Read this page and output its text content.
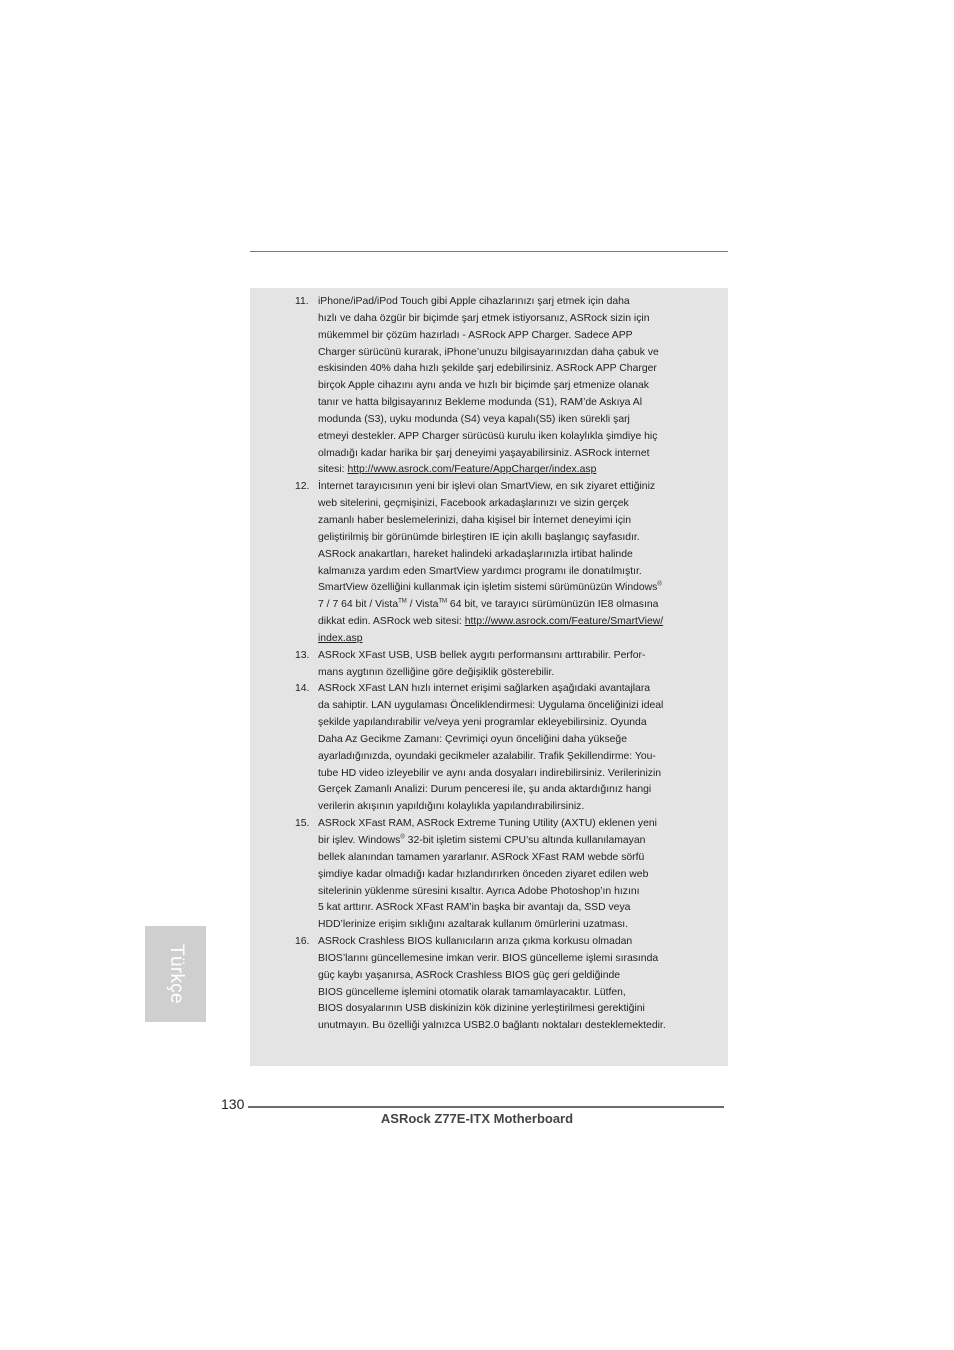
11. iPhone/iPad/iPod Touch gibi Apple cihazlarınızı şarj etmek için daha
hızlı ve daha özgür bir biçimde şarj etmek istiyorsanız, ASRock sizin için
mükemmel bir çözüm hazırladı - ASRock APP Charger. Sadece APP
Charger sürücünü kurarak, iPhone’unuzu bilgisayarınızdan daha çabuk ve
eskisinden 40% daha hızlı şekilde şarj edebilirsiniz. ASRock APP Charger
birçok Apple cihazını aynı anda ve hızlı bir biçimde şarj etmenize olanak
tanır ve hatta bilgisayarınız Bekleme modunda (S1), RAM’de Askıya Al
modunda (S3), uyku modunda (S4) veya kapalı(S5) iken sürekli şarj
etmeyi destekler. APP Charger sürücüsü kurulu iken kolaylıkla şimdiye hiç
olmadığı kadar harika bir şarj deneyimi yaşayabilirsiniz. ASRock internet
sitesi: http://www.asrock.com/Feature/AppCharger/index.asp
12. İnternet tarayıcısının yeni bir işlevi olan SmartView, en sık ziyaret ettiğiniz
web sitelerini, geçmişinizi, Facebook arkadaşlarınızı ve sizin gerçek
zamanlı haber beslemelerinizi, daha kişisel bir İnternet deneyimi için
geliştirilmiş bir görünümde birleştiren IE için akıllı başlangıç sayfasıdır.
ASRock anakartları, hareket halindeki arkadaşlarınızla irtibat halinde
kalmanıza yardım eden SmartView yardımcı programı ile donatılmıştır.
SmartView özelliğini kullanmak için işletim sistemi sürümünüzün Windows®
7 / 7 64 bit / Vista™ / Vista™ 64 bit, ve tarayıcı sürümünüzün IE8 olmasına
dikkat edin. ASRock web sitesi: http://www.asrock.com/Feature/SmartView/
index.asp
13. ASRock XFast USB, USB bellek aygıtı performansını arttırabilir. Perfor-
mans aygtının özelliğine göre değişiklik gösterebilir.
14. ASRock XFast LAN hızlı internet erişimi sağlarken aşağıdaki avantajlara
da sahiptir. LAN uygulaması Önceliklendirmesi: Uygulama önceliğinizi ideal
şekilde yapılandırabilir ve/veya yeni programlar ekleyebilirsiniz. Oyunda
Daha Az Gecikme Zamanı: Çevrimiçi oyun önceliğini daha yükseğe
ayarladığınızda, oyundaki gecikmeler azalabilir. Trafik Şekillendirme: You-
tube HD video izleyebilir ve aynı anda dosyaları indirebilirsiniz. Verilerinizin
Gerçek Zamanlı Analizi: Durum penceresi ile, şu anda aktardığınız hangi
verilerin akışının yapıldığını kolaylıkla yapılandırabilirsiniz.
15. ASRock XFast RAM, ASRock Extreme Tuning Utility (AXTU) eklenen yeni
bir işlev. Windows® 32-bit işletim sistemi CPU’su altında kullanılamayan
bellek alanından tamamen yararlanır. ASRock XFast RAM webde sörfü
şimdiye kadar olmadığı kadar hızlandırırken önceden ziyaret edilen web
sitelerinin yüklenme süresini kısaltır. Ayrıca Adobe Photoshop’ın hızını
5 kat arttırır. ASRock XFast RAM’in başka bir avantajı da, SSD veya
HDD’lerinize erişim sıklığını azaltarak kullanım ömürlerini uzatması.
16. ASRock Crashless BIOS kullanıcıların arıza çıkma korkusu olmadan
BIOS’larını güncellemesine imkan verir. BIOS güncelleme işlemi sırasında
güç kaybı yaşanırsa, ASRock Crashless BIOS güç geri geldiğinde
BIOS güncelleme işlemini otomatik olarak tamamlayacaktır. Lütfen,
BIOS dosyalarının USB diskinizin kök dizinine yerleştirilmesi gerektiğini
unutmayın. Bu özelliği yalnızca USB2.0 bağlantı noktaları desteklemektedir.
Türkçe
130
ASRock Z77E-ITX Motherboard
